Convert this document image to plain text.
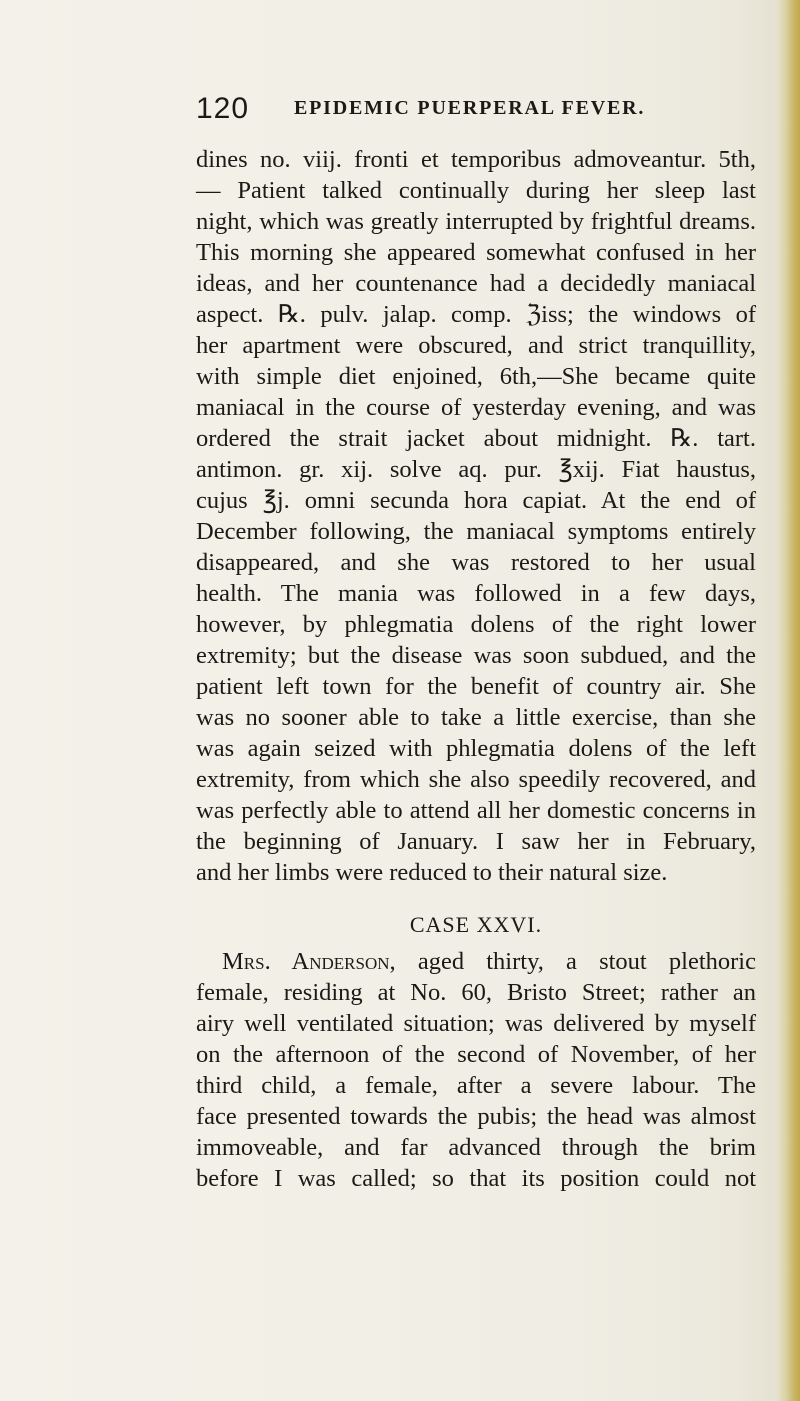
120 EPIDEMIC PUERPERAL FEVER.
dines no. viij. fronti et temporibus admoveantur. 5th,
— Patient talked continually during her sleep last
night, which was greatly interrupted by frightful dreams.
This morning she appeared somewhat confused in her
ideas, and her countenance had a decidedly maniacal
aspect. ℞. pulv. jalap. comp. ℨiss; the windows of
her apartment were obscured, and strict tranquillity,
with simple diet enjoined, 6th,—She became quite
maniacal in the course of yesterday evening, and was
ordered the strait jacket about midnight. ℞. tart.
antimon. gr. xij. solve aq. pur. ℥xij. Fiat haustus,
cujus ℥j. omni secunda hora capiat. At the end of
December following, the maniacal symptoms entirely
disappeared, and she was restored to her usual
health. The mania was followed in a few days,
however, by phlegmatia dolens of the right lower
extremity; but the disease was soon subdued, and the
patient left town for the benefit of country air. She
was no sooner able to take a little exercise, than she
was again seized with phlegmatia dolens of the left
extremity, from which she also speedily recovered, and
was perfectly able to attend all her domestic concerns in
the beginning of January. I saw her in February,
and her limbs were reduced to their natural size.
CASE XXVI.
Mrs. Anderson, aged thirty, a stout plethoric
female, residing at No. 60, Bristo Street; rather an
airy well ventilated situation; was delivered by myself
on the afternoon of the second of November, of her
third child, a female, after a severe labour. The
face presented towards the pubis; the head was almost
immoveable, and far advanced through the brim
before I was called; so that its position could not
